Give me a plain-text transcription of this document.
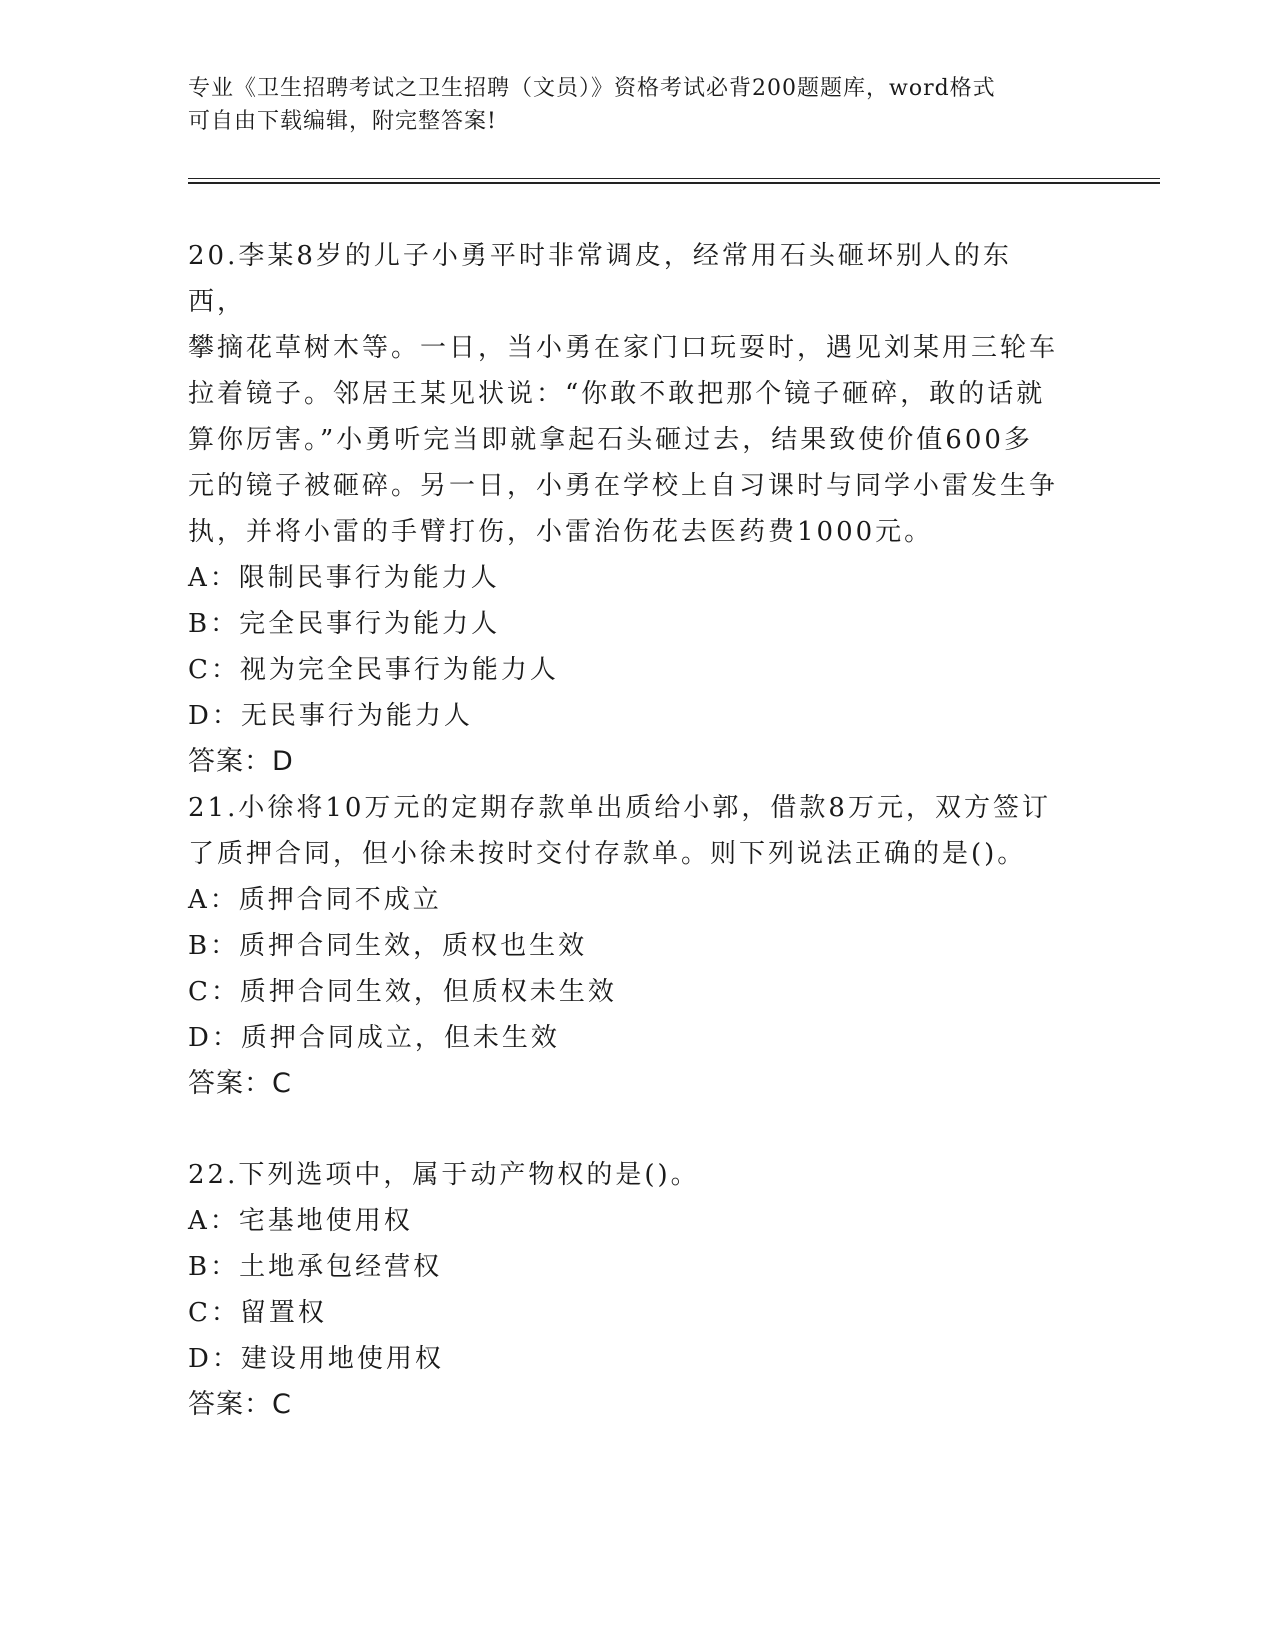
专业《卫生招聘考试之卫生招聘（文员）》资格考试必背200题题库，word格式
可自由下载编辑，附完整答案!
20.李某8岁的儿子小勇平时非常调皮，经常用石头砸坏别人的东西，
攀摘花草树木等。一日，当小勇在家门口玩耍时，遇见刘某用三轮车
拉着镜子。邻居王某见状说：“你敢不敢把那个镜子砸碎，敢的话就
算你厉害。”小勇听完当即就拿起石头砸过去，结果致使价值600多
元的镜子被砸碎。另一日，小勇在学校上自习课时与同学小雷发生争
执，并将小雷的手臂打伤，小雷治伤花去医药费1000元。
A：限制民事行为能力人
B：完全民事行为能力人
C：视为完全民事行为能力人
D：无民事行为能力人
答案：D
21.小徐将10万元的定期存款单出质给小郭，借款8万元，双方签订
了质押合同，但小徐未按时交付存款单。则下列说法正确的是()。
A：质押合同不成立
B：质押合同生效，质权也生效
C：质押合同生效，但质权未生效
D：质押合同成立，但未生效
答案：C
22.下列选项中，属于动产物权的是()。
A：宅基地使用权
B：土地承包经营权
C：留置权
D：建设用地使用权
答案：C
